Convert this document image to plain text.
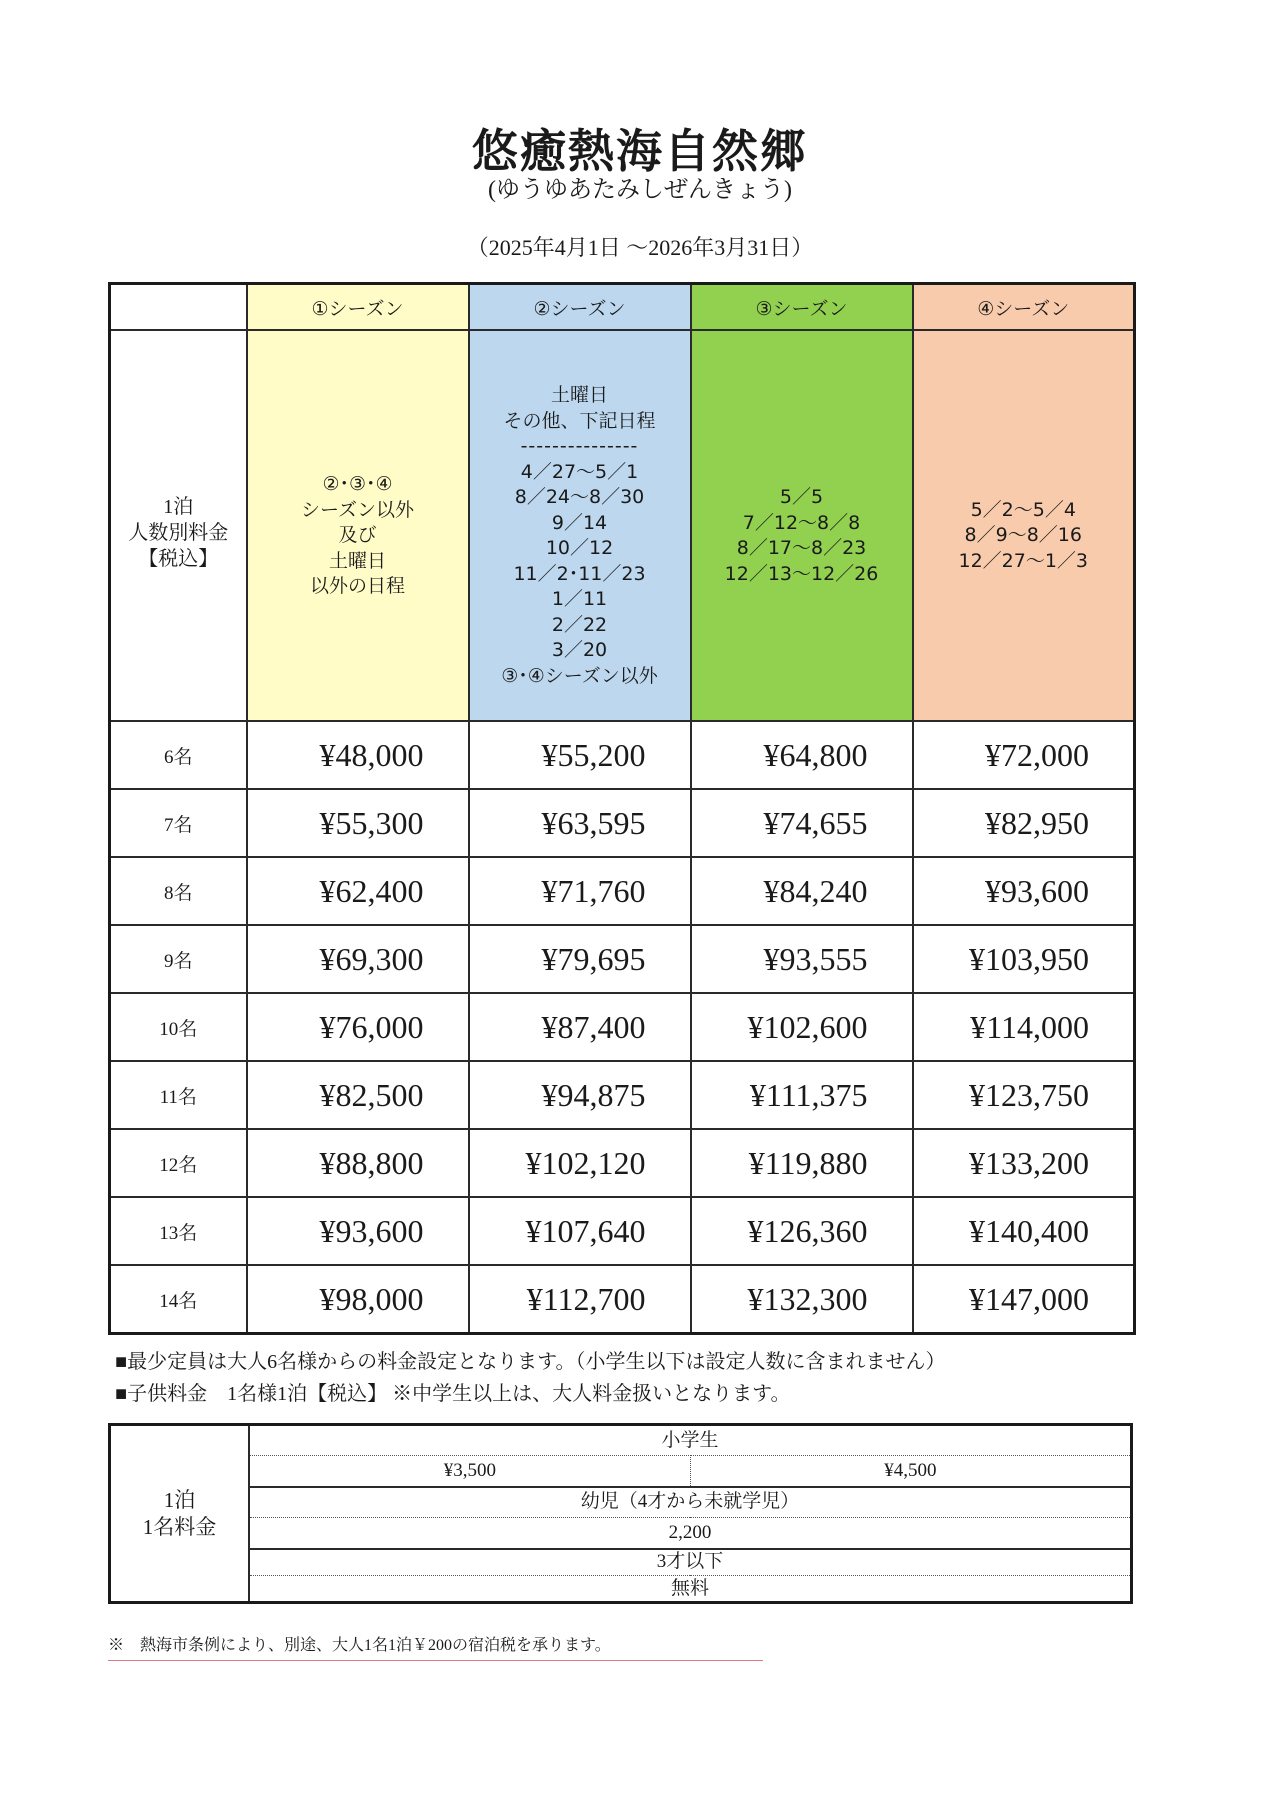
悠癒熱海自然郷
(ゆうゆあたみしぜんきょう)
（2025年4月1日 ～2026年3月31日）
	①シーズン	②シーズン	③シーズン	④シーズン

1泊
人数別料金
【税込】

②･③･④
シーズン以外
及び
土曜日
以外の日程

土曜日
その他、下記日程
---------------
4／27～5／1
8／24～8／30
9／14
10／12
11／2･11／23
1／11
2／22
3／20
③･④シーズン以外

5／5
7／12～8／8
8／17～8／23
12／13～12／26

5／2～5／4
8／9～8／16
12／27～1／3

6名	¥48,000	¥55,200	¥64,800	¥72,000
7名	¥55,300	¥63,595	¥74,655	¥82,950
8名	¥62,400	¥71,760	¥84,240	¥93,600
9名	¥69,300	¥79,695	¥93,555	¥103,950
10名	¥76,000	¥87,400	¥102,600	¥114,000
11名	¥82,500	¥94,875	¥111,375	¥123,750
12名	¥88,800	¥102,120	¥119,880	¥133,200
13名	¥93,600	¥107,640	¥126,360	¥140,400
14名	¥98,000	¥112,700	¥132,300	¥147,000
■最少定員は大人6名様からの料金設定となります。（小学生以下は設定人数に含まれません）
■子供料金　1名様1泊【税込】 ※中学生以上は、大人料金扱いとなります。
1泊
1名料金	小学生	
	¥3,500	¥4,500
	幼児（4才から未就学児）	
	2,200	
	3才以下	
	無料	
※　熱海市条例により、別途、大人1名1泊￥200の宿泊税を承ります。
